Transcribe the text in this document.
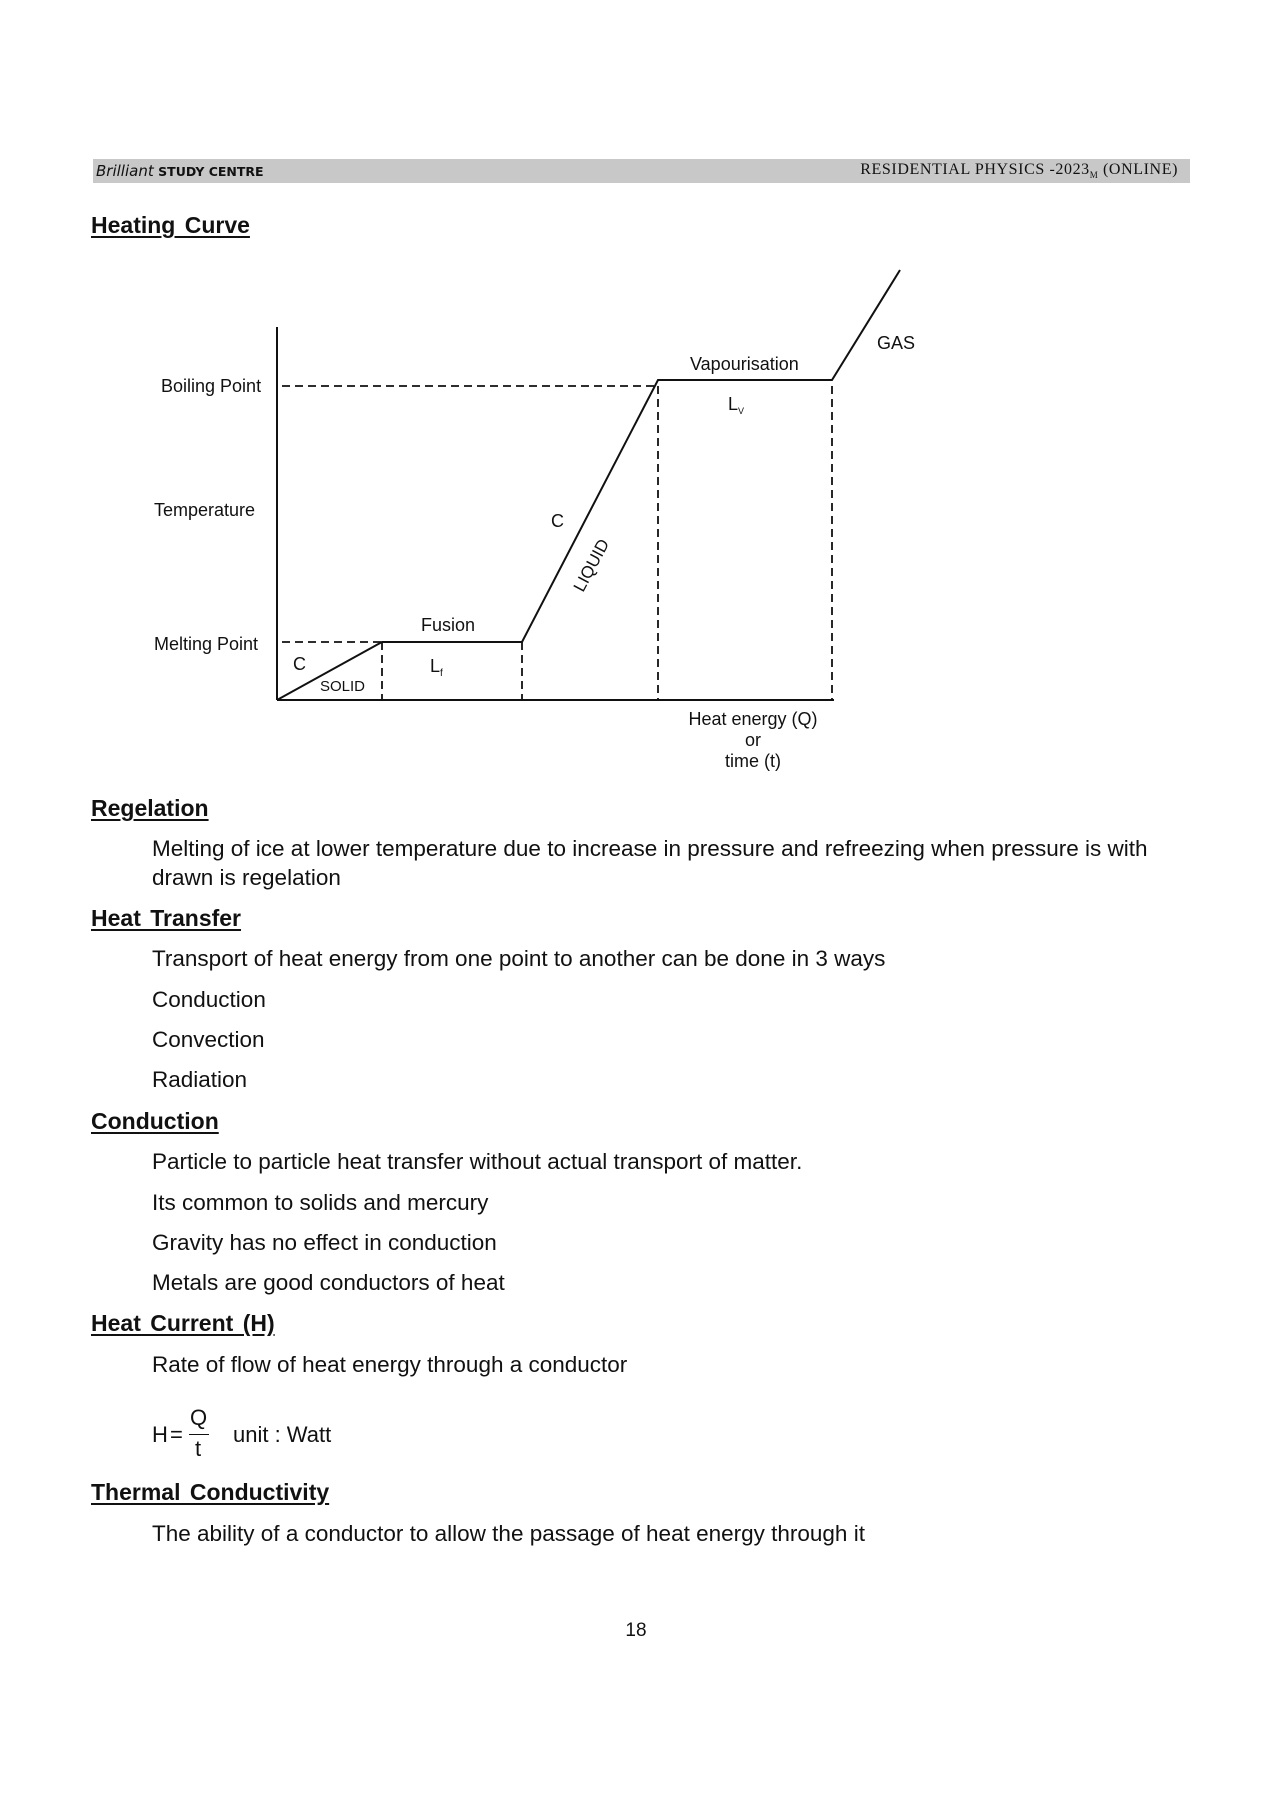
Brilliant STUDY CENTRE	RESIDENTIAL PHYSICS $-2023_M$ (ONLINE)
Heating Curve
Boiling Point
Temperature
Melting Point
C
SOLID
Fusion
$L_f$
C
LIQUID
Vapourisation
$L_V$
GAS
Heat energy (Q)
or
time (t)
Regelation

Melting of ice at lower temperature due to increase in pressure and refreezing when pressure is with drawn is regelation

Heat Transfer

Transport of heat energy from one point to another can be done in 3 ways

Conduction

Convection

Radiation

Conduction

Particle to particle heat transfer without actual transport of matter.

Its common to solids and mercury

Gravity has no effect in conduction

Metals are good conductors of heat

Heat Current (H)

Rate of flow of heat energy through a conductor

H =
Q
t
unit : Watt
Thermal Conductivity

The ability of a conductor to allow the passage of heat energy through it

18
